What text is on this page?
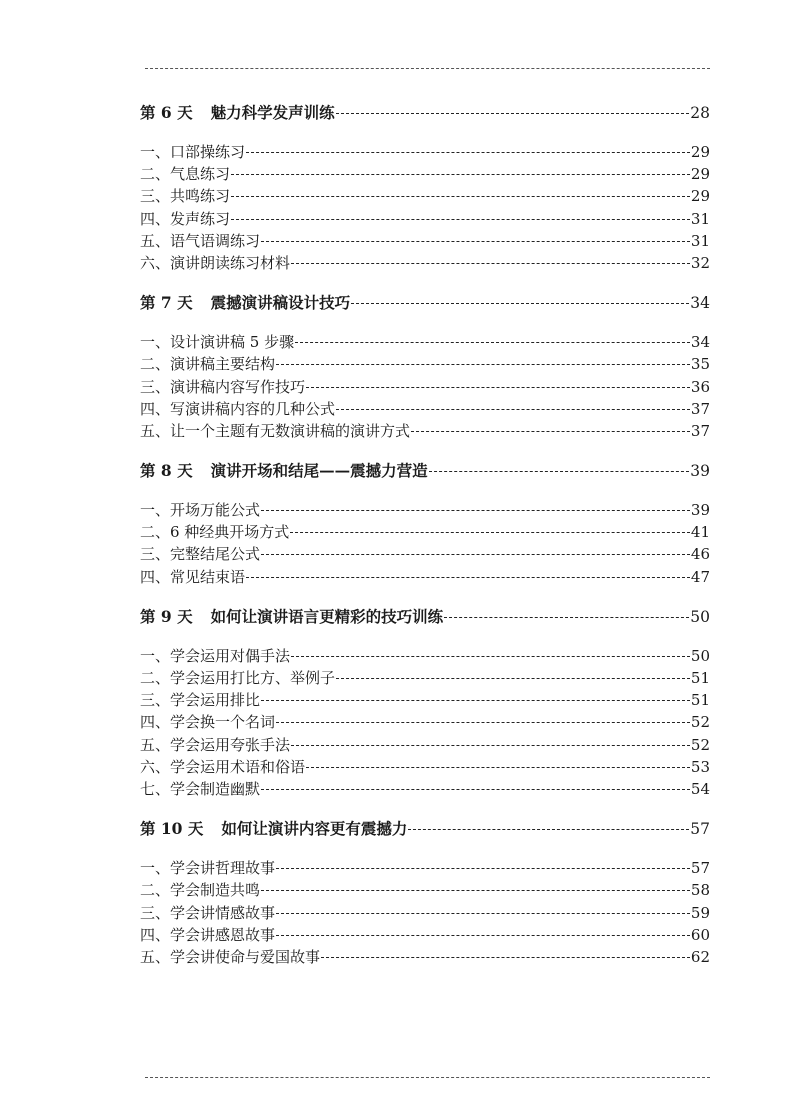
第 6 天 魅力科学发声训练	28
一、口部操练习	29
二、气息练习	29
三、共鸣练习	29
四、发声练习	31
五、语气语调练习	31
六、演讲朗读练习材料	32
第 7 天 震撼演讲稿设计技巧	34
一、设计演讲稿 5 步骤	34
二、演讲稿主要结构	35
三、演讲稿内容写作技巧	36
四、写演讲稿内容的几种公式	37
五、让一个主题有无数演讲稿的演讲方式	37
第 8 天 演讲开场和结尾——震撼力营造	39
一、开场万能公式	39
二、6 种经典开场方式	41
三、完整结尾公式	46
四、常见结束语	47
第 9 天 如何让演讲语言更精彩的技巧训练	50
一、学会运用对偶手法	50
二、学会运用打比方、举例子	51
三、学会运用排比	51
四、学会换一个名词	52
五、学会运用夸张手法	52
六、学会运用术语和俗语	53
七、学会制造幽默	54
第 10 天 如何让演讲内容更有震撼力	57
一、学会讲哲理故事	57
二、学会制造共鸣	58
三、学会讲情感故事	59
四、学会讲感恩故事	60
五、学会讲使命与爱国故事	62
